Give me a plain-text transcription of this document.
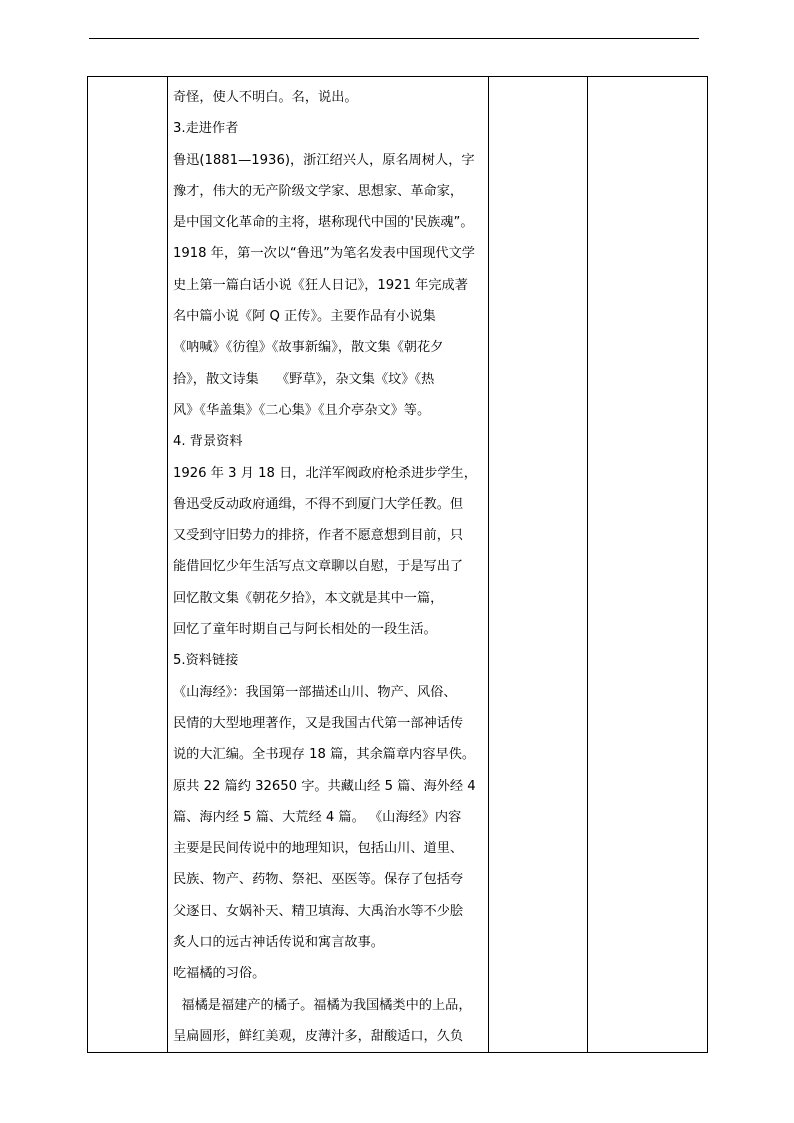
奇怪，使人不明白。名，说出。
3.走进作者
鲁迅(1881—1936)，浙江绍兴人，原名周树人，字
豫才，伟大的无产阶级文学家、思想家、革命家，
是中国文化革命的主将，堪称现代中国的'民族魂”。
1918 年，第一次以“鲁迅”为笔名发表中国现代文学
史上第一篇白话小说《狂人日记》，1921 年完成著
名中篇小说《阿 Q 正传》。主要作品有小说集
《呐喊》《彷徨》《故事新编》，散文集《朝花夕
拾》，散文诗集　 《野草》，杂文集《坟》《热
风》《华盖集》《二心集》《且介亭杂文》等。
4. 背景资料
1926 年 3 月 18 日，北洋军阀政府枪杀进步学生，
鲁迅受反动政府通缉，不得不到厦门大学任教。但
又受到守旧势力的排挤，作者不愿意想到目前，只
能借回忆少年生活写点文章聊以自慰，于是写出了
回忆散文集《朝花夕拾》，本文就是其中一篇，
回忆了童年时期自己与阿长相处的一段生活。
5.资料链接
《山海经》：我国第一部描述山川、物产、风俗、
民情的大型地理著作，又是我国古代第一部神话传
说的大汇编。全书现存 18 篇，其余篇章内容早佚。
原共 22 篇约 32650 字。共藏山经 5 篇、海外经 4
篇、海内经 5 篇、大荒经 4 篇。 《山海经》内容
主要是民间传说中的地理知识，包括山川、道里、
民族、物产、药物、祭祀、巫医等。保存了包括夸
父逐日、女娲补天、精卫填海、大禹治水等不少脍
炙人口的远古神话传说和寓言故事。
吃福橘的习俗。
福橘是福建产的橘子。福橘为我国橘类中的上品，
呈扁圆形，鲜红美观，皮薄汁多，甜酸适口，久负
